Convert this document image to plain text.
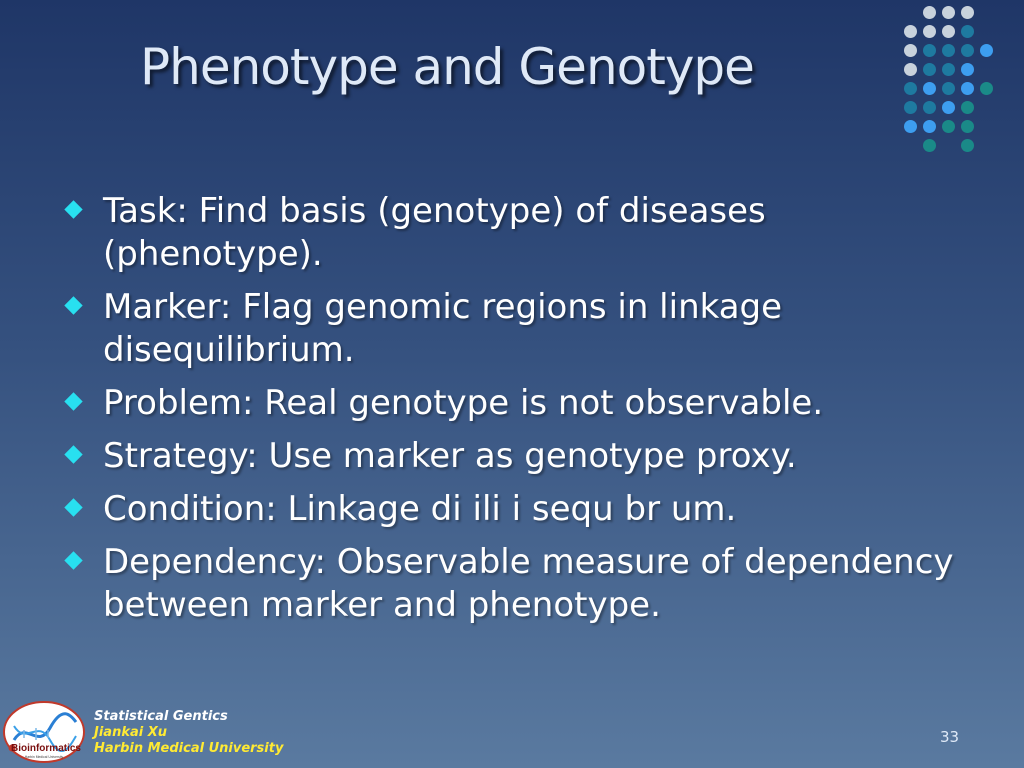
Phenotype and Genotype
Task: Find basis (genotype) of diseases (phenotype).
Marker: Flag genomic regions in linkage disequilibrium.
Problem: Real genotype is not observable.
Strategy: Use marker as genotype proxy.
Condition: Linkage di ili i sequ br um.
Dependency: Observable measure of dependency between marker and phenotype.
Bioinformatics
Harbin Medical University
Statistical Gentics
Jiankai Xu
Harbin Medical University
33
